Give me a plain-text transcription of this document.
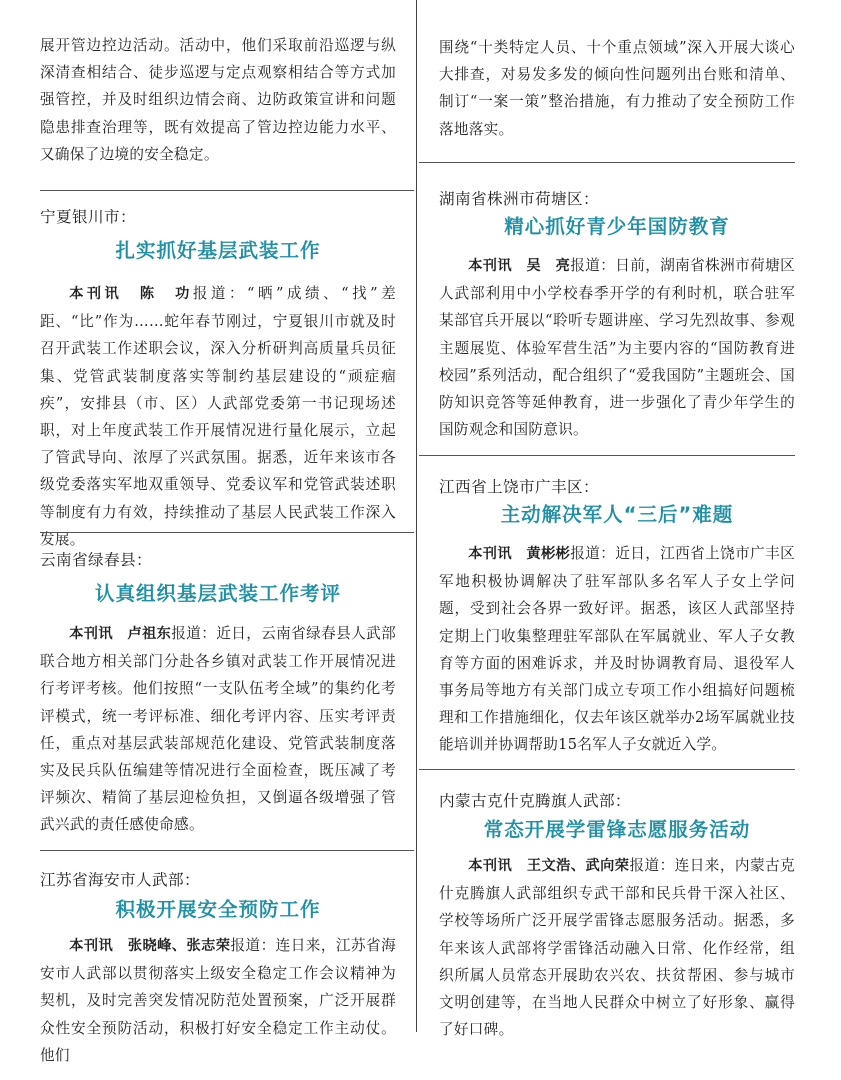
展开管边控边活动。活动中，他们采取前沿巡逻与纵深清查相结合、徒步巡逻与定点观察相结合等方式加强管控，并及时组织边情会商、边防政策宣讲和问题隐患排查治理等，既有效提高了管边控边能力水平、又确保了边境的安全稳定。

宁夏银川市：

扎实抓好基层武装工作

本刊讯　陈　功报道：“晒”成绩、“找”差距、“比”作为……蛇年春节刚过，宁夏银川市就及时召开武装工作述职会议，深入分析研判高质量兵员征集、党管武装制度落实等制约基层建设的“顽症痼疾”，安排县（市、区）人武部党委第一书记现场述职，对上年度武装工作开展情况进行量化展示，立起了管武导向、浓厚了兴武氛围。据悉，近年来该市各级党委落实军地双重领导、党委议军和党管武装述职等制度有力有效，持续推动了基层人民武装工作深入发展。

云南省绿春县：

认真组织基层武装工作考评

本刊讯　卢祖东报道：近日，云南省绿春县人武部联合地方相关部门分赴各乡镇对武装工作开展情况进行考评考核。他们按照“一支队伍考全域”的集约化考评模式，统一考评标准、细化考评内容、压实考评责任，重点对基层武装部规范化建设、党管武装制度落实及民兵队伍编建等情况进行全面检查，既压减了考评频次、精简了基层迎检负担，又倒逼各级增强了管武兴武的责任感使命感。

江苏省海安市人武部：

积极开展安全预防工作

本刊讯　张晓峰、张志荣报道：连日来，江苏省海安市人武部以贯彻落实上级安全稳定工作会议精神为契机，及时完善突发情况防范处置预案，广泛开展群众性安全预防活动，积极打好安全稳定工作主动仗。他们

围绕“十类特定人员、十个重点领域”深入开展大谈心大排查，对易发多发的倾向性问题列出台账和清单、制订“一案一策”整治措施，有力推动了安全预防工作落地落实。

湖南省株洲市荷塘区：

精心抓好青少年国防教育

本刊讯　吴　亮报道：日前，湖南省株洲市荷塘区人武部利用中小学校春季开学的有利时机，联合驻军某部官兵开展以“聆听专题讲座、学习先烈故事、参观主题展览、体验军营生活”为主要内容的“国防教育进校园”系列活动，配合组织了“爱我国防”主题班会、国防知识竞答等延伸教育，进一步强化了青少年学生的国防观念和国防意识。

江西省上饶市广丰区：

主动解决军人“三后”难题

本刊讯　黄彬彬报道：近日，江西省上饶市广丰区军地积极协调解决了驻军部队多名军人子女上学问题，受到社会各界一致好评。据悉，该区人武部坚持定期上门收集整理驻军部队在军属就业、军人子女教育等方面的困难诉求，并及时协调教育局、退役军人事务局等地方有关部门成立专项工作小组搞好问题梳理和工作措施细化，仅去年该区就举办2场军属就业技能培训并协调帮助15名军人子女就近入学。

内蒙古克什克腾旗人武部：

常态开展学雷锋志愿服务活动

本刊讯　王文浩、武向荣报道：连日来，内蒙古克什克腾旗人武部组织专武干部和民兵骨干深入社区、学校等场所广泛开展学雷锋志愿服务活动。据悉，多年来该人武部将学雷锋活动融入日常、化作经常，组织所属人员常态开展助农兴农、扶贫帮困、参与城市文明创建等，在当地人民群众中树立了好形象、赢得了好口碑。
